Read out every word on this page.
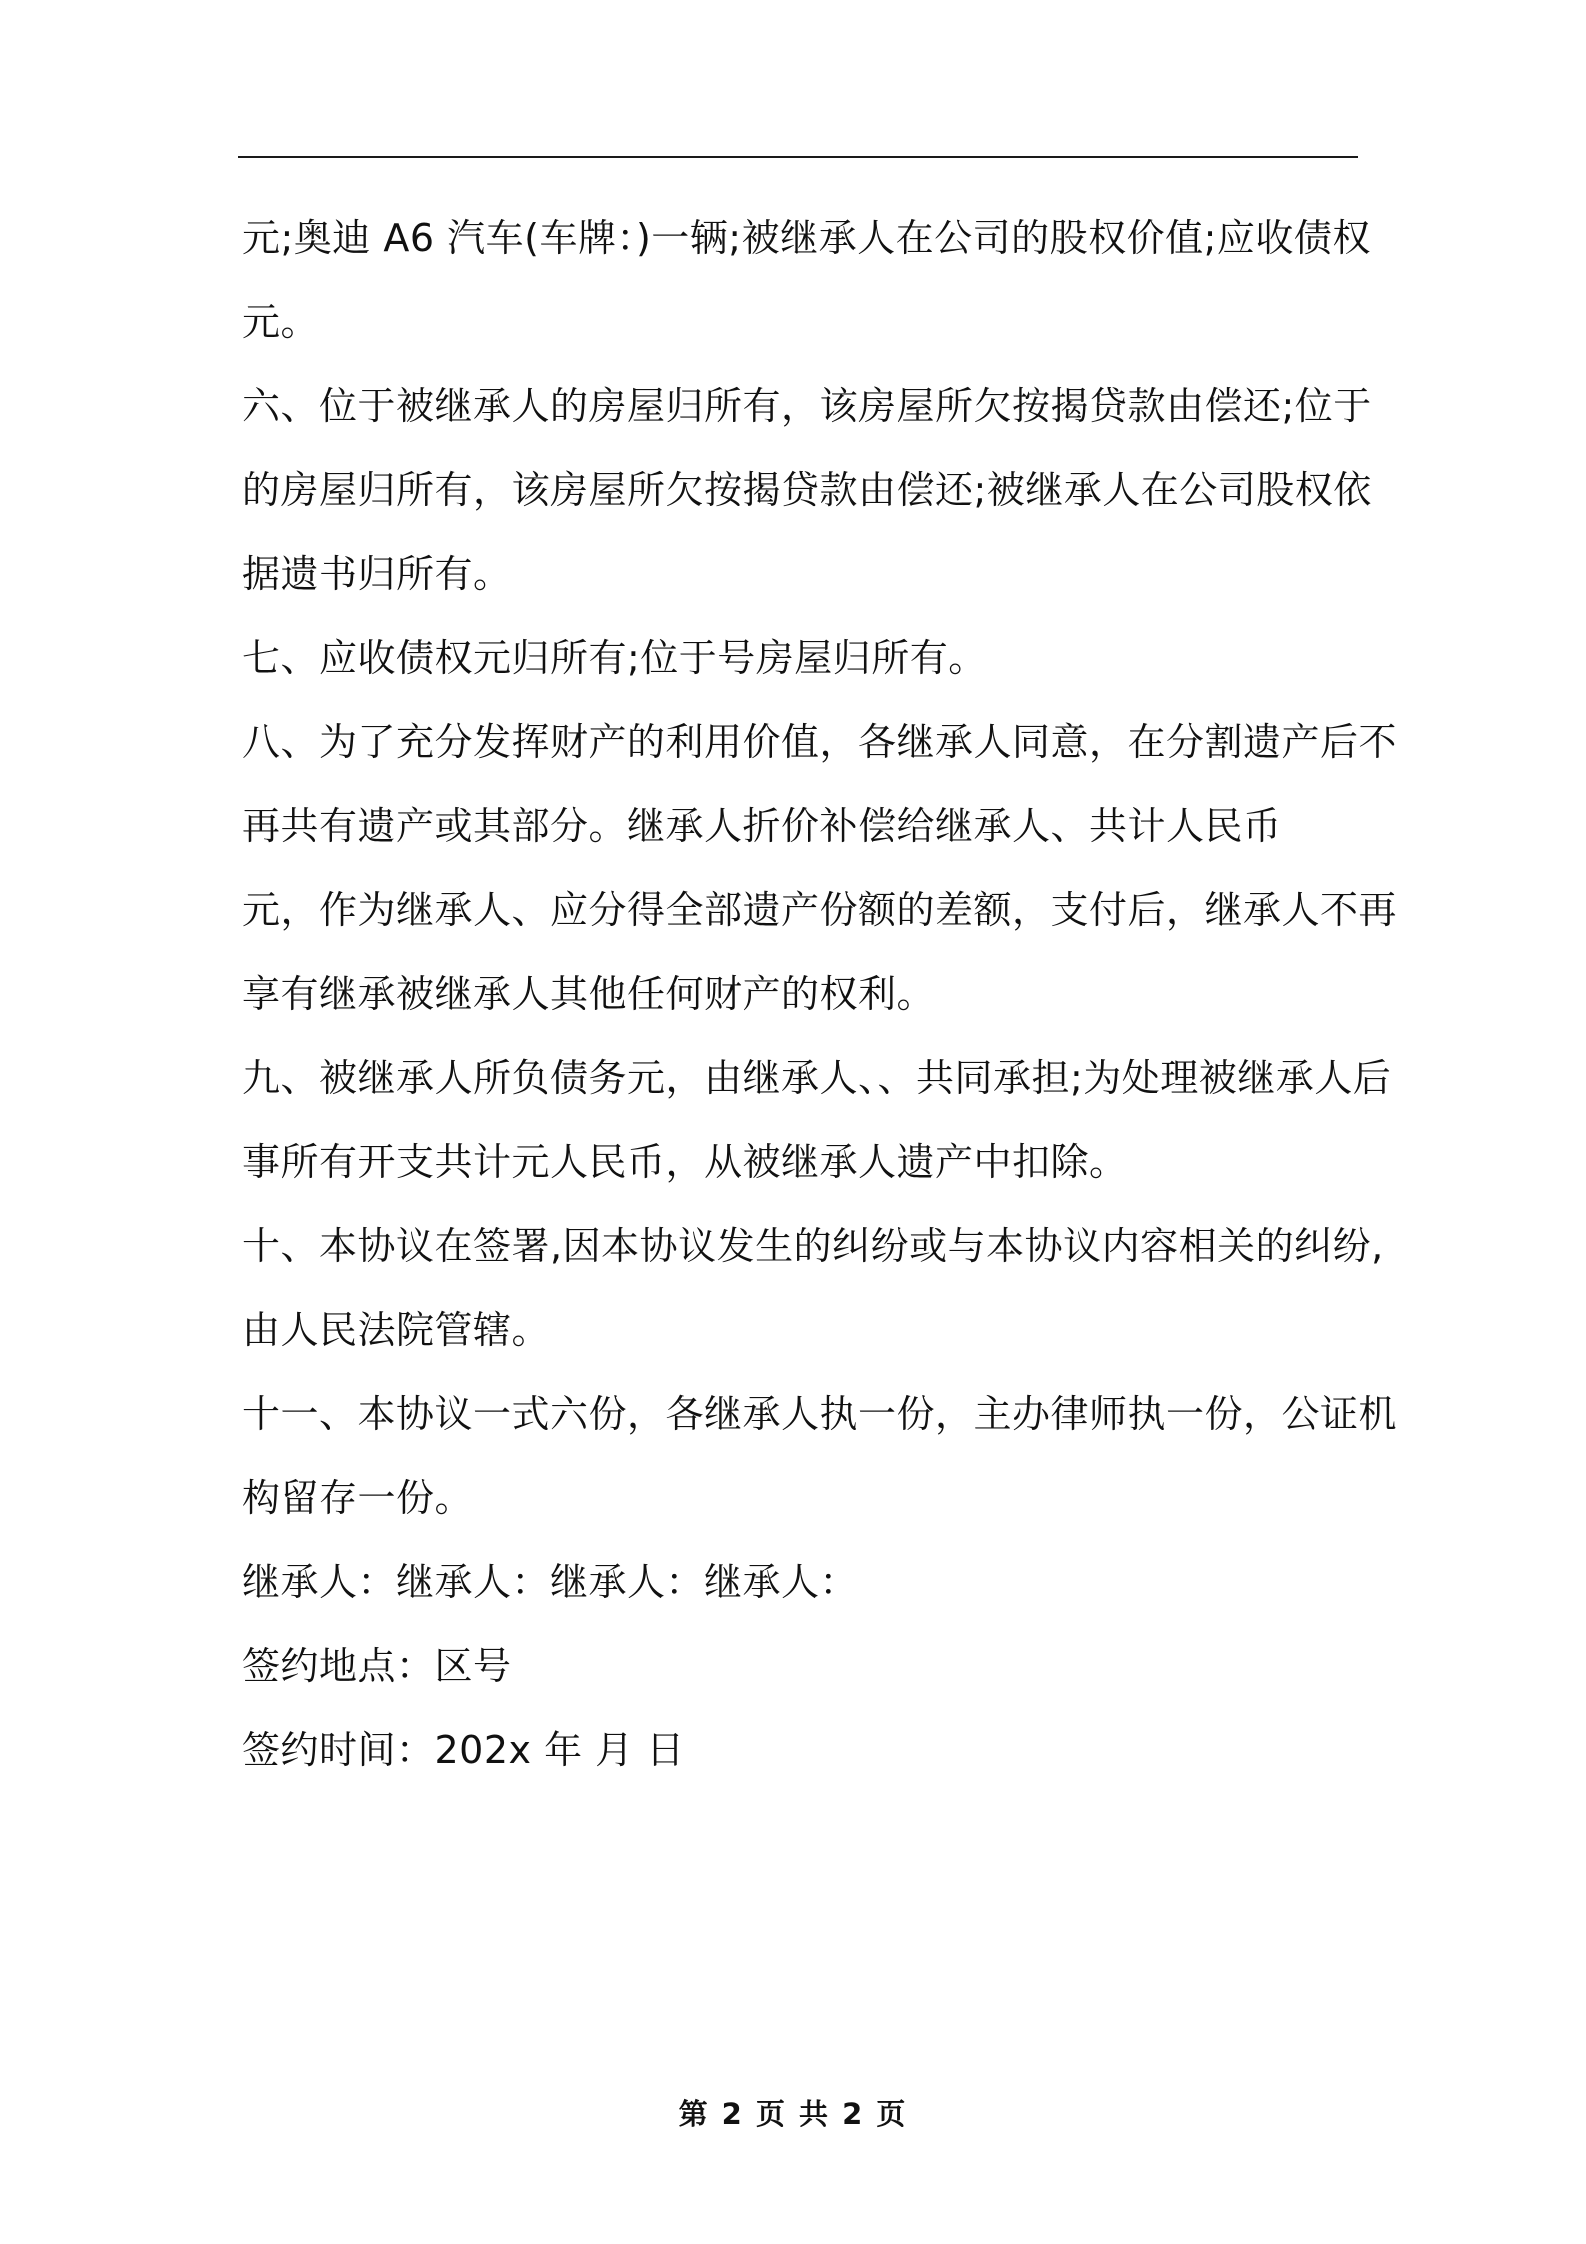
元;奥迪 A6 汽车(车牌：)一辆;被继承人在公司的股权价值;应收债权
元。
六、位于被继承人的房屋归所有，该房屋所欠按揭贷款由偿还;位于
的房屋归所有，该房屋所欠按揭贷款由偿还;被继承人在公司股权依
据遗书归所有。
七、应收债权元归所有;位于号房屋归所有。
八、为了充分发挥财产的利用价值，各继承人同意，在分割遗产后不
再共有遗产或其部分。继承人折价补偿给继承人、共计人民币
元，作为继承人、应分得全部遗产份额的差额，支付后，继承人不再
享有继承被继承人其他任何财产的权利。
九、被继承人所负债务元，由继承人、、共同承担;为处理被继承人后
事所有开支共计元人民币，从被继承人遗产中扣除。
十、本协议在签署,因本协议发生的纠纷或与本协议内容相关的纠纷,
由人民法院管辖。
十一、本协议一式六份，各继承人执一份，主办律师执一份，公证机
构留存一份。
继承人：继承人：继承人：继承人：
签约地点：区号
签约时间：202x 年 月 日
第 2 页 共 2 页
